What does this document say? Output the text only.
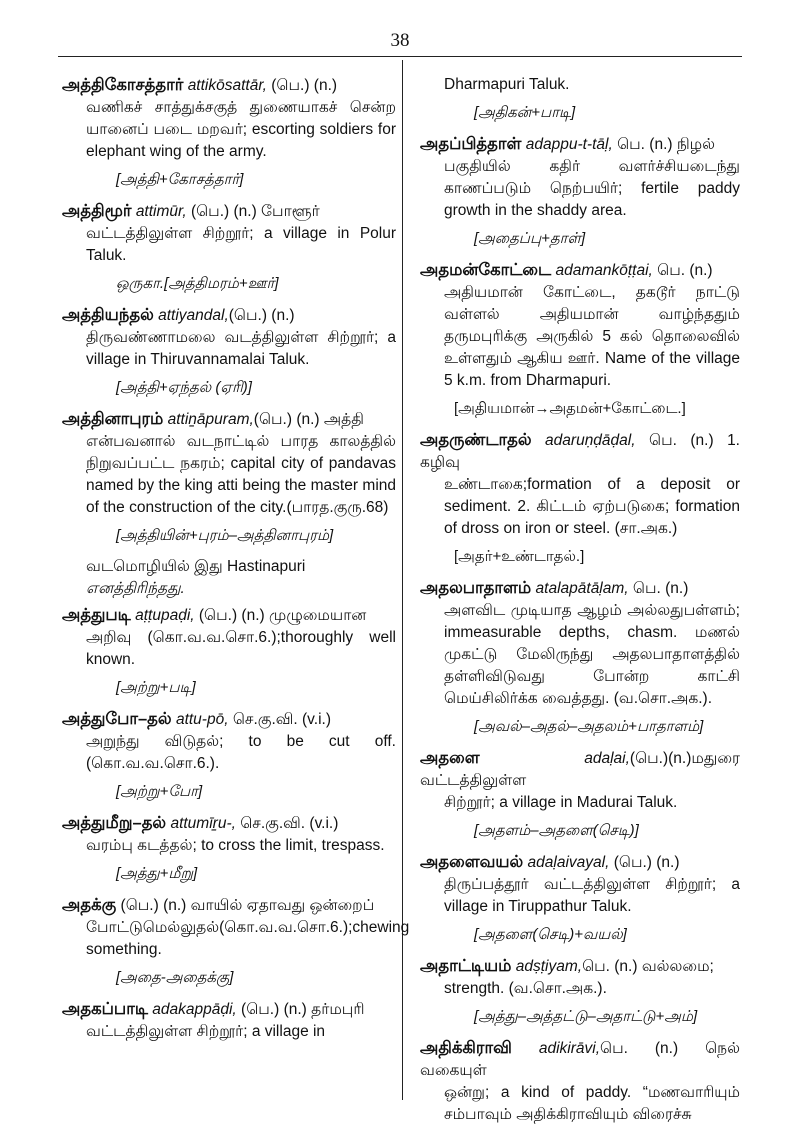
38
அத்திகோசத்தார் attikōsattār, (பெ.) (n.)
வணிகச் சாத்துக்சகுத் துணையாகச் சென்ற யானைப் படை மறவர்; escorting soldiers for elephant wing of the army.
[அத்தி+கோசத்தார்]
அத்திமூர் attimūr, (பெ.) (n.) போளூர்
வட்டத்திலுள்ள சிற்றூர்; a village in Polur Taluk.
ஒருகா.[அத்திமரம்+ஊர்]
அத்தியந்தல் attiyandal,(பெ.) (n.)
திருவண்ணாமலை வடத்திலுள்ள சிற்றூர்; a village in Thiruvannamalai Taluk.
[அத்தி+ஏந்தல் (ஏரி)]
அத்தினாபுரம் attiṉāpuram,(பெ.) (n.) அத்தி
என்பவனால் வடநாட்டில் பாரத காலத்தில் நிறுவப்பட்ட நகரம்; capital city of pandavas named by the king atti being the master mind of the construction of the city.(பாரத.குரு.68)
[அத்தியின்+புரம்–அத்தினாபுரம்]
வடமொழியில் இது Hastinapuri எனத்திரிந்தது.
அத்துபடி aṭṭupaḍi, (பெ.) (n.) முழுமையான
அறிவு (கொ.வ.வ.சொ.6.);thoroughly well known.
[அற்று+படி]
அத்துபோ–தல் attu-pō, செ.கு.வி. (v.i.)
அறுந்து விடுதல்; to be cut off. (கொ.வ.வ.சொ.6.).
[அற்று+போ]
அத்துமீறு–தல் attumīṟu-, செ.கு.வி. (v.i.)
வரம்பு கடத்தல்; to cross the limit, trespass.
[அத்து+மீறு]
அதக்கு (பெ.) (n.) வாயில் ஏதாவது ஒன்றைப்
போட்டுமெல்லுதல்(கொ.வ.வ.சொ.6.);chewing something.
[அதை-அதைக்கு]
அதகப்பாடி adakappāḍi, (பெ.) (n.) தர்மபுரி
வட்டத்திலுள்ள சிற்றூர்; a village in
Dharmapuri Taluk.
[அதிகன்+பாடி]
அதப்பித்தாள் adappu-t-tāḷ, பெ. (n.) நிழல்
பகுதியில் கதிர் வளர்ச்சியடைந்து காணப்படும் நெற்பயிர்; fertile paddy growth in the shaddy area.
[அதைப்பு+தாள்]
அதமன்கோட்டை adamankōṭṭai, பெ. (n.)
அதியமான் கோட்டை, தகடூர் நாட்டு வள்ளல் அதியமான் வாழ்ந்ததும் தருமபுரிக்கு அருகில் 5 கல் தொலைவில் உள்ளதும் ஆகிய ஊர். Name of the village 5 k.m. from Dharmapuri.
[அதியமான்→அதமன்+கோட்டை.]
அதருண்டாதல் adaruṇḍāḍal, பெ. (n.) 1. கழிவு
உண்டாகை;formation of a deposit or sediment. 2. கிட்டம் ஏற்படுகை; formation of dross on iron or steel. (சா.அக.)
[அதர்+உண்டாதல்.]
அதலபாதாளம் atalapātāḷam, பெ. (n.)
அளவிட முடியாத ஆழம் அல்லதுபள்ளம்; immeasurable depths, chasm. மணல் முகட்டு மேலிருந்து அதலபாதாளத்தில் தள்ளிவிடுவது போன்ற காட்சி மெய்சிலிர்க்க வைத்தது. (வ.சொ.அக.).
[அவல்–அதல்–அதலம்+பாதாளம்]
அதளை	adaḷai,(பெ.)(n.)மதுரை வட்டத்திலுள்ள
சிற்றூர்; a village in Madurai Taluk.
[அதளம்–அதளை(செடி)]
அதளைவயல் adaḷaivayal, (பெ.) (n.)
திருப்பத்தூர் வட்டத்திலுள்ள சிற்றூர்; a village in Tiruppathur Taluk.
[அதளை(செடி)+வயல்]
அதாட்டியம் adṣṭiyam,பெ. (n.) வல்லமை;
strength. (வ.சொ.அக.).
[அத்து–அத்தட்டு–அதாட்டு+அம்]
அதிக்கிராவி adikirāvi,பெ. (n.) நெல் வகையுள்
ஒன்று; a kind of paddy. “மணவாரியும் சம்பாவும் அதிக்கிராவியும் விரைச்சு
